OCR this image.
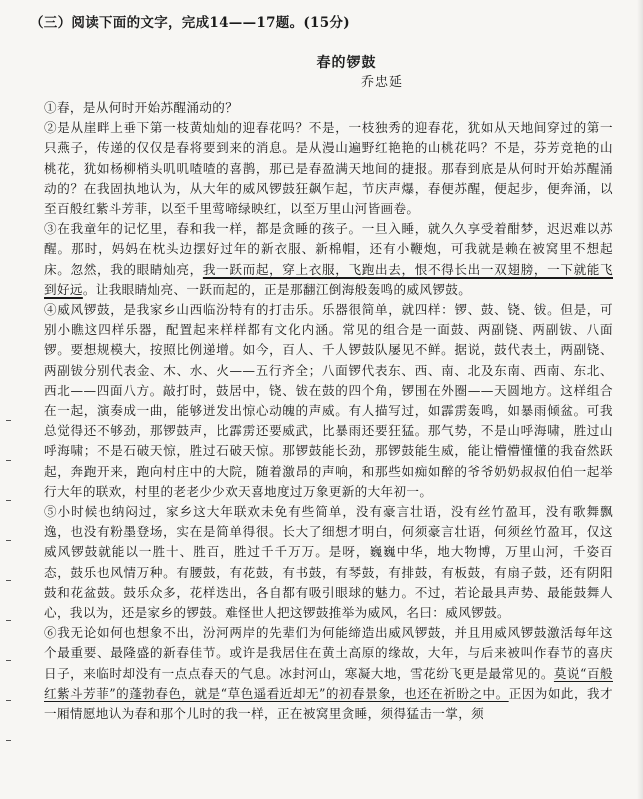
（三）阅读下面的文字，完成14——17题。(15分)
春的锣鼓
乔忠延

①春，是从何时开始苏醒涌动的？

②是从崖畔上垂下第一枝黄灿灿的迎春花吗？不是，一枝独秀的迎春花，犹如从天地间穿过的第一只燕子，传递的仅仅是春将要到来的消息。是从漫山遍野红艳艳的山桃花吗？不是，芬芳竞艳的山桃花，犹如杨柳梢头叽叽喳喳的喜鹊，那已是春盈满天地间的捷报。那春到底是从何时开始苏醒涌动的？在我固执地认为，从大年的威风锣鼓狂飙乍起，节庆声爆，春便苏醒，便起步，便奔涌，以至百般红紫斗芳菲，以至千里莺啼绿映红，以至万里山河皆画卷。

③在我童年的记忆里，春和我一样，都是贪睡的孩子。一旦入睡，就久久享受着酣梦，迟迟难以苏醒。那时，妈妈在枕头边摆好过年的新衣服、新棉帽，还有小鞭炮，可我就是赖在被窝里不想起床。忽然，我的眼睛灿亮，我一跃而起，穿上衣服，飞跑出去，恨不得长出一双翅膀，一下就能飞到好远。让我眼睛灿亮、一跃而起的，正是那翻江倒海般轰鸣的威风锣鼓。

④威风锣鼓，是我家乡山西临汾特有的打击乐。乐器很简单，就四样：锣、鼓、铙、钹。但是，可别小瞧这四样乐器，配置起来样样都有文化内涵。常见的组合是一面鼓、两副铙、两副钹、八面锣。要想规模大，按照比例递增。如今，百人、千人锣鼓队屡见不鲜。据说，鼓代表土，两副铙、两副钹分别代表金、木、水、火——五行齐全；八面锣代表东、西、南、北及东南、西南、东北、西北——四面八方。敲打时，鼓居中，铙、钹在鼓的四个角，锣围在外圈——天圆地方。这样组合在一起，演奏成一曲，能够迸发出惊心动魄的声威。有人描写过，如霹雳轰鸣，如暴雨倾盆。可我总觉得还不够劲，那锣鼓声，比霹雳还要威武，比暴雨还要狂猛。那气势，不是山呼海啸，胜过山呼海啸；不是石破天惊，胜过石破天惊。那锣鼓能长劲，那锣鼓能生威，能让懵懵懂懂的我奋然跃起，奔跑开来，跑向村庄中的大院，随着激昂的声响，和那些如痴如醉的爷爷奶奶叔叔伯伯一起举行大年的联欢，村里的老老少少欢天喜地度过万象更新的大年初一。

⑤小时候也纳闷过，家乡这大年联欢未免有些简单，没有豪言壮语，没有丝竹盈耳，没有歌舞飘逸，也没有粉墨登场，实在是简单得很。长大了细想才明白，何须豪言壮语，何须丝竹盈耳，仅这威风锣鼓就能以一胜十、胜百，胜过千千万万。是呀，巍巍中华，地大物博，万里山河，千姿百态，鼓乐也风情万种。有腰鼓，有花鼓，有书鼓，有琴鼓，有排鼓，有板鼓，有扇子鼓，还有阴阳鼓和花盆鼓。鼓乐众多，花样迭出，各自都有吸引眼球的魅力。不过，若论最具声势、最能鼓舞人心，我以为，还是家乡的锣鼓。难怪世人把这锣鼓推举为威风，名曰：威风锣鼓。

⑥我无论如何也想象不出，汾河两岸的先辈们为何能缔造出威风锣鼓，并且用威风锣鼓激活每年这个最重要、最隆盛的新春佳节。或许是我居住在黄土高原的缘故，大年，与后来被叫作春节的喜庆日子，来临时却没有一点点春天的气息。冰封河山，寒凝大地，雪花纷飞更是最常见的。莫说“百般红紫斗芳菲”的蓬勃春色，就是“草色遥看近却无”的初春景象，也还在祈盼之中。正因为如此，我才一厢情愿地认为春和那个儿时的我一样，正在被窝里贪睡，须得猛击一掌，须
